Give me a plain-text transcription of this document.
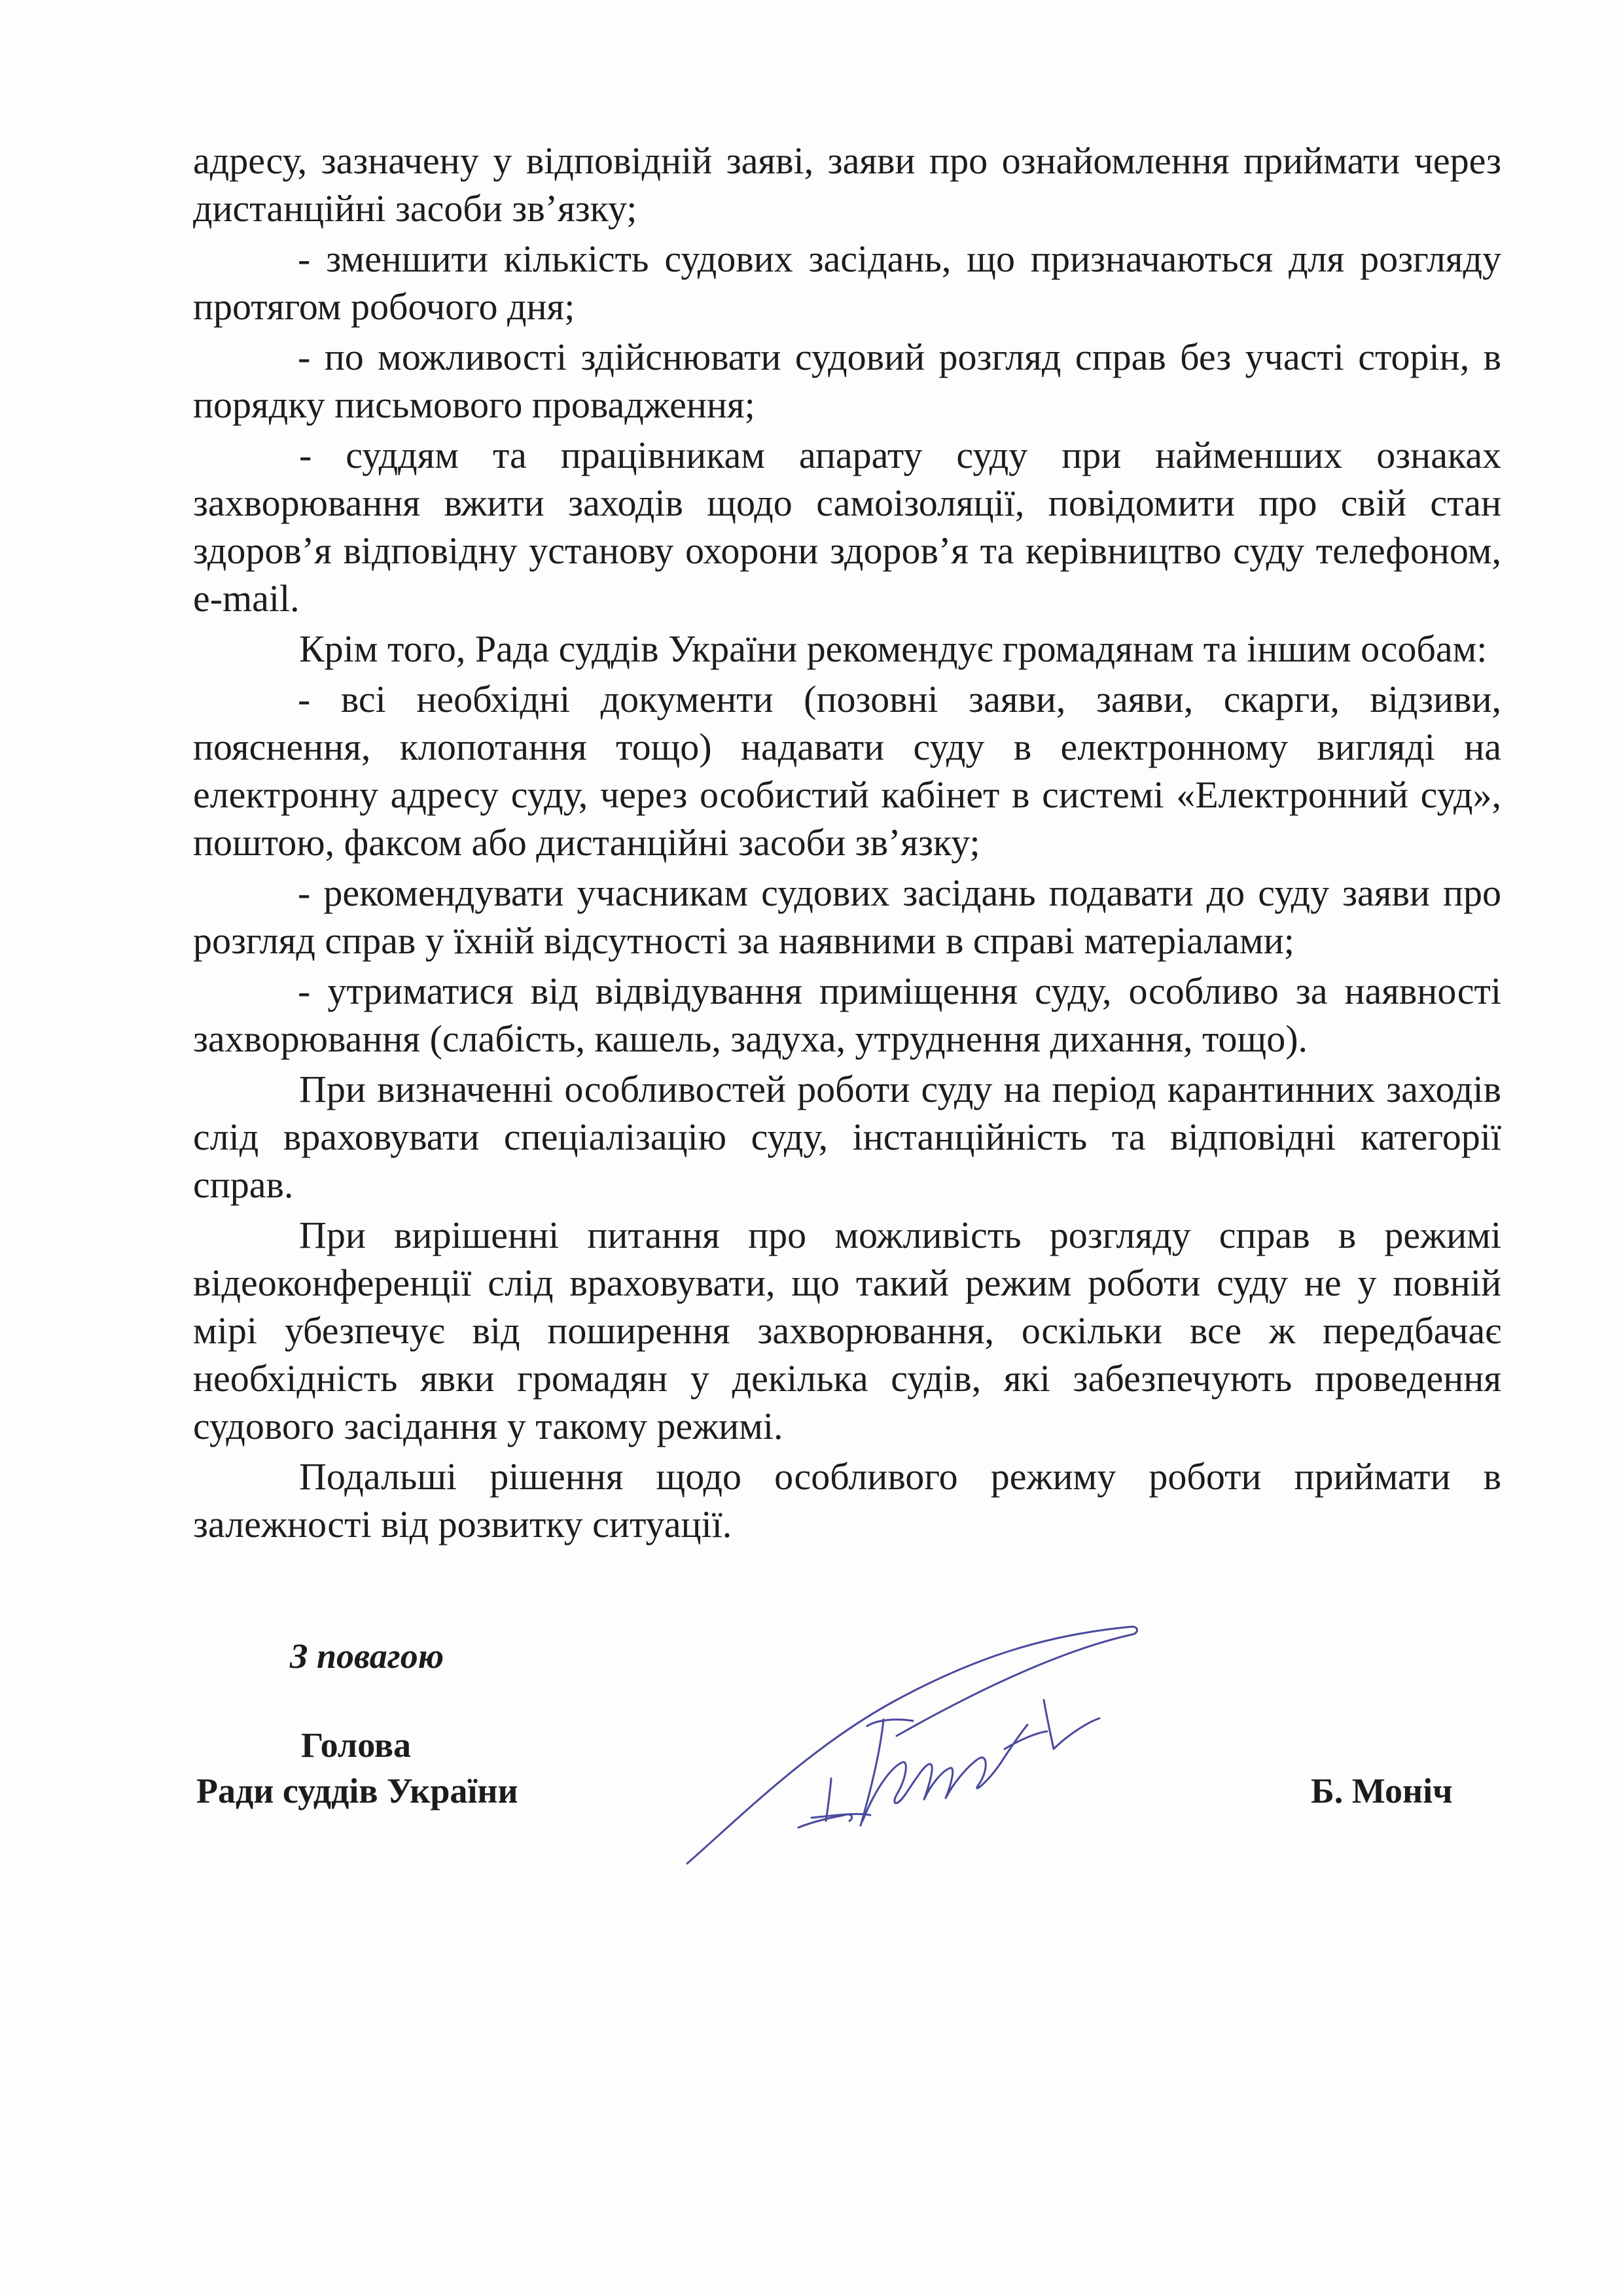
адресу, зазначену у відповідній заяві, заяви про ознайомлення приймати через дистанційні засоби зв’язку;

- зменшити кількість судових засідань, що призначаються для розгляду протягом робочого дня;

- по можливості здійснювати судовий розгляд справ без участі сторін, в порядку письмового провадження;

- суддям та працівникам апарату суду при найменших ознаках захворювання вжити заходів щодо самоізоляції, повідомити про свій стан здоров’я відповідну установу охорони здоров’я та керівництво суду телефоном, e-mail.

Крім того, Рада суддів України рекомендує громадянам та іншим особам:

- всі необхідні документи (позовні заяви, заяви, скарги, відзиви, пояснення, клопотання тощо) надавати суду в електронному вигляді на електронну адресу суду, через особистий кабінет в системі «Електронний суд», поштою, факсом або дистанційні засоби зв’язку;

- рекомендувати учасникам судових засідань подавати до суду заяви про розгляд справ у їхній відсутності за наявними в справі матеріалами;

- утриматися від відвідування приміщення суду, особливо за наявності захворювання (слабість, кашель, задуха, утруднення дихання, тощо).

При визначенні особливостей роботи суду на період карантинних заходів слід враховувати спеціалізацію суду, інстанційність та відповідні категорії справ.

При вирішенні питання про можливість розгляду справ в режимі відеоконференції слід враховувати, що такий режим роботи суду не у повній мірі убезпечує від поширення захворювання, оскільки все ж передбачає необхідність явки громадян у декілька судів, які забезпечують проведення судового засідання у такому режимі.

Подальші рішення щодо особливого режиму роботи приймати в залежності від розвитку ситуації.

З повагою
Голова
Ради суддів України	Б. Моніч
